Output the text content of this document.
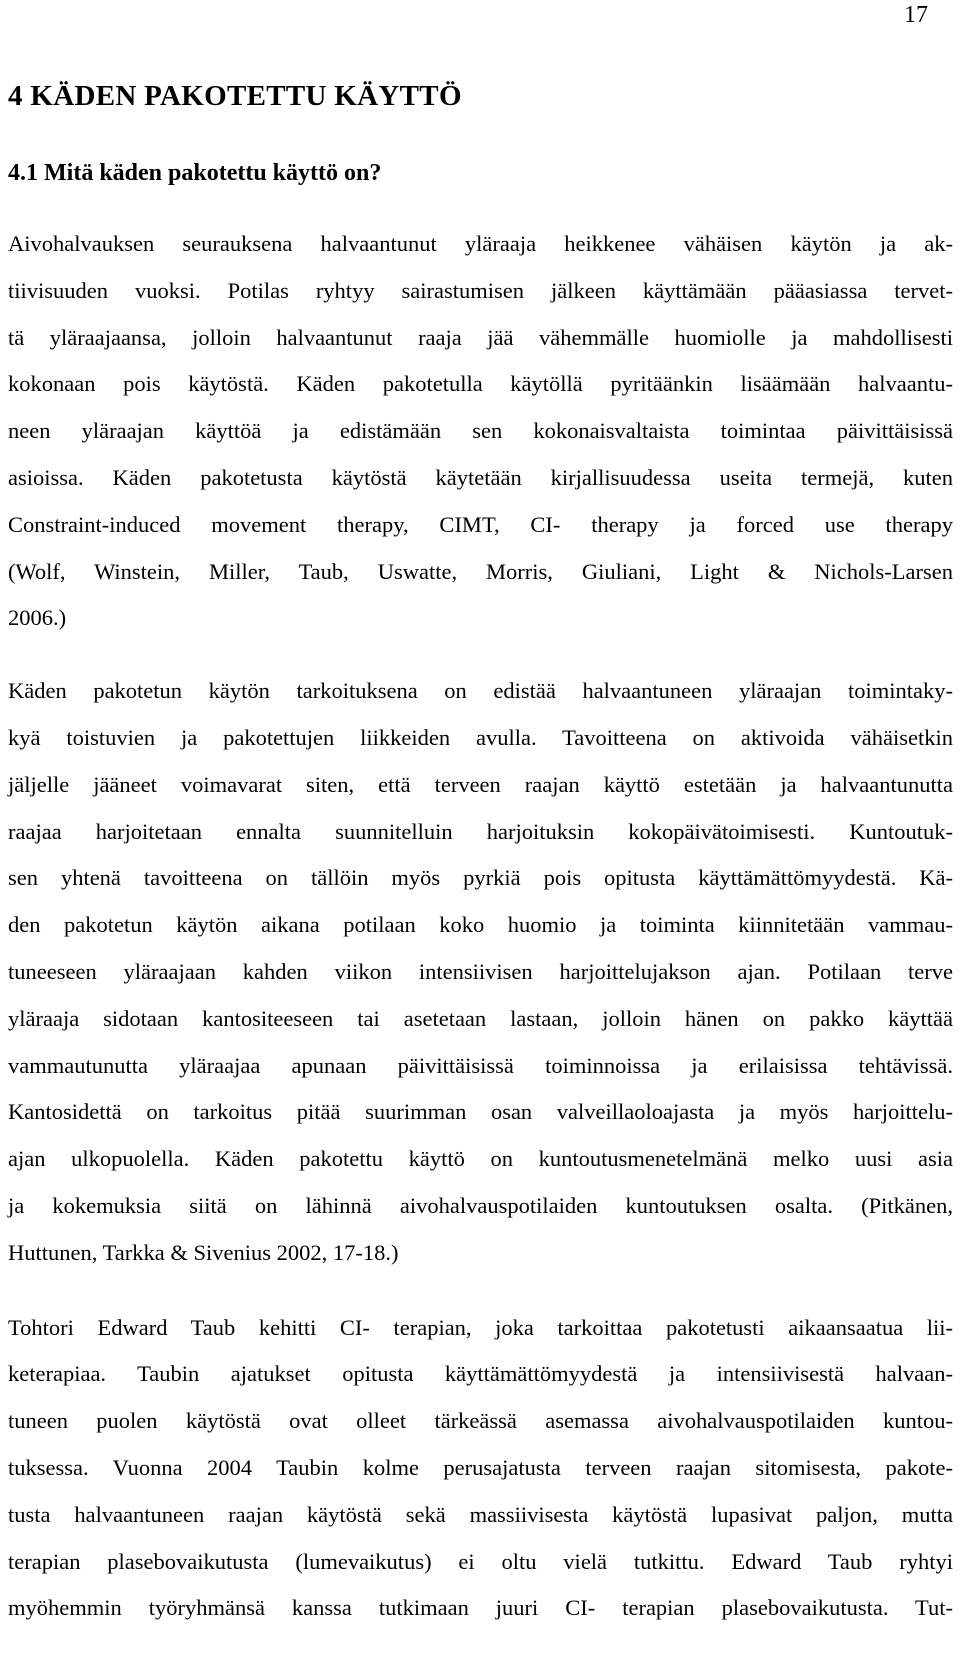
17
4 KÄDEN PAKOTETTU KÄYTTÖ
4.1 Mitä käden pakotettu käyttö on?
Aivohalvauksen seurauksena halvaantunut yläraaja heikkenee vähäisen käytön ja ak-
tiivisuuden vuoksi. Potilas ryhtyy sairastumisen jälkeen käyttämään pääasiassa tervet-
tä yläraajaansa, jolloin halvaantunut raaja jää vähemmälle huomiolle ja mahdollisesti
kokonaan pois käytöstä. Käden pakotetulla käytöllä pyritäänkin lisäämään halvaantu-
neen yläraajan käyttöä ja edistämään sen kokonaisvaltaista toimintaa päivittäisissä
asioissa. Käden pakotetusta käytöstä käytetään kirjallisuudessa useita termejä, kuten
Constraint-induced movement therapy, CIMT, CI- therapy ja forced use therapy
(Wolf, Winstein, Miller, Taub, Uswatte, Morris, Giuliani, Light & Nichols-Larsen
2006.)
Käden pakotetun käytön tarkoituksena on edistää halvaantuneen yläraajan toimintaky-
kyä toistuvien ja pakotettujen liikkeiden avulla. Tavoitteena on aktivoida vähäisetkin
jäljelle jääneet voimavarat siten, että terveen raajan käyttö estetään ja halvaantunutta
raajaa harjoitetaan ennalta suunnitelluin harjoituksin kokopäivätoimisesti. Kuntoutuk-
sen yhtenä tavoitteena on tällöin myös pyrkiä pois opitusta käyttämättömyydestä. Kä-
den pakotetun käytön aikana potilaan koko huomio ja toiminta kiinnitetään vammau-
tuneeseen yläraajaan kahden viikon intensiivisen harjoittelujakson ajan. Potilaan terve
yläraaja sidotaan kantositeeseen tai asetetaan lastaan, jolloin hänen on pakko käyttää
vammautunutta yläraajaa apunaan päivittäisissä toiminnoissa ja erilaisissa tehtävissä.
Kantosidettä on tarkoitus pitää suurimman osan valveillaoloajasta ja myös harjoittelu-
ajan ulkopuolella. Käden pakotettu käyttö on kuntoutusmenetelmänä melko uusi asia
ja kokemuksia siitä on lähinnä aivohalvauspotilaiden kuntoutuksen osalta. (Pitkänen,
Huttunen, Tarkka & Sivenius 2002, 17-18.)
Tohtori Edward Taub kehitti CI- terapian, joka tarkoittaa pakotetusti aikaansaatua lii-
keterapiaa. Taubin ajatukset opitusta käyttämättömyydestä ja intensiivisestä halvaan-
tuneen puolen käytöstä ovat olleet tärkeässä asemassa aivohalvauspotilaiden kuntou-
tuksessa. Vuonna 2004 Taubin kolme perusajatusta terveen raajan sitomisesta, pakote-
tusta halvaantuneen raajan käytöstä sekä massiivisesta käytöstä lupasivat paljon, mutta
terapian plasebovaikutusta (lumevaikutus) ei oltu vielä tutkittu. Edward Taub ryhtyi
myöhemmin työryhmänsä kanssa tutkimaan juuri CI- terapian plasebovaikutusta. Tut-
